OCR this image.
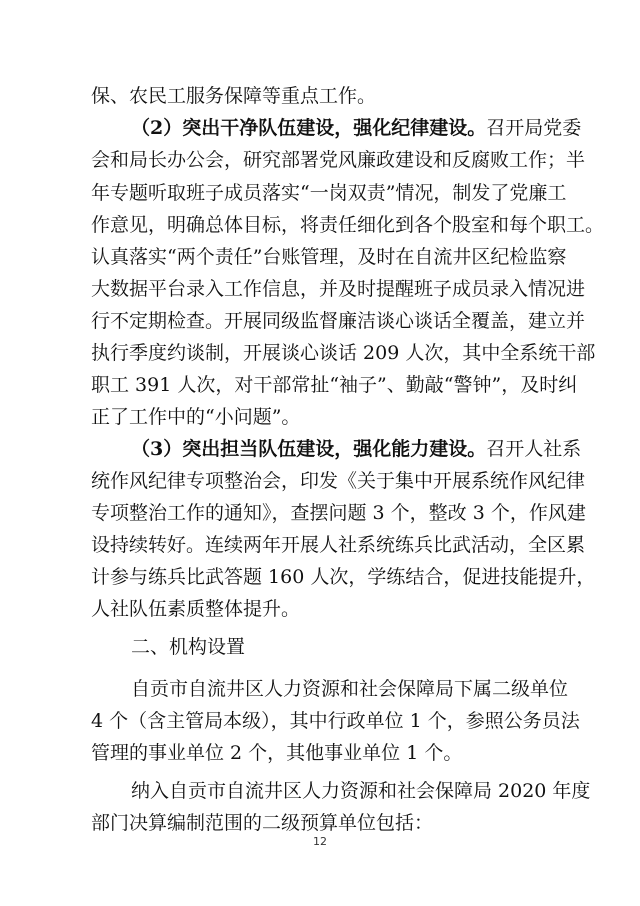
保、农民工服务保障等重点工作。
（2）突出干净队伍建设，强化纪律建设。召开局党委
会和局长办公会，研究部署党风廉政建设和反腐败工作；半
年专题听取班子成员落实“一岗双责”情况，制发了党廉工
作意见，明确总体目标，将责任细化到各个股室和每个职工。
认真落实“两个责任”台账管理，及时在自流井区纪检监察
大数据平台录入工作信息，并及时提醒班子成员录入情况进
行不定期检查。开展同级监督廉洁谈心谈话全覆盖，建立并
执行季度约谈制，开展谈心谈话 209 人次，其中全系统干部
职工 391 人次，对干部常扯“袖子”、勤敲“警钟”，及时纠
正了工作中的“小问题”。
（3）突出担当队伍建设，强化能力建设。召开人社系
统作风纪律专项整治会，印发《关于集中开展系统作风纪律
专项整治工作的通知》，查摆问题 3 个，整改 3 个，作风建
设持续转好。连续两年开展人社系统练兵比武活动，全区累
计参与练兵比武答题 160 人次，学练结合，促进技能提升，
人社队伍素质整体提升。
二、机构设置
自贡市自流井区人力资源和社会保障局下属二级单位
4 个（含主管局本级），其中行政单位 1 个，参照公务员法
管理的事业单位 2 个，其他事业单位 1 个。
纳入自贡市自流井区人力资源和社会保障局 2020 年度
部门决算编制范围的二级预算单位包括：
12
